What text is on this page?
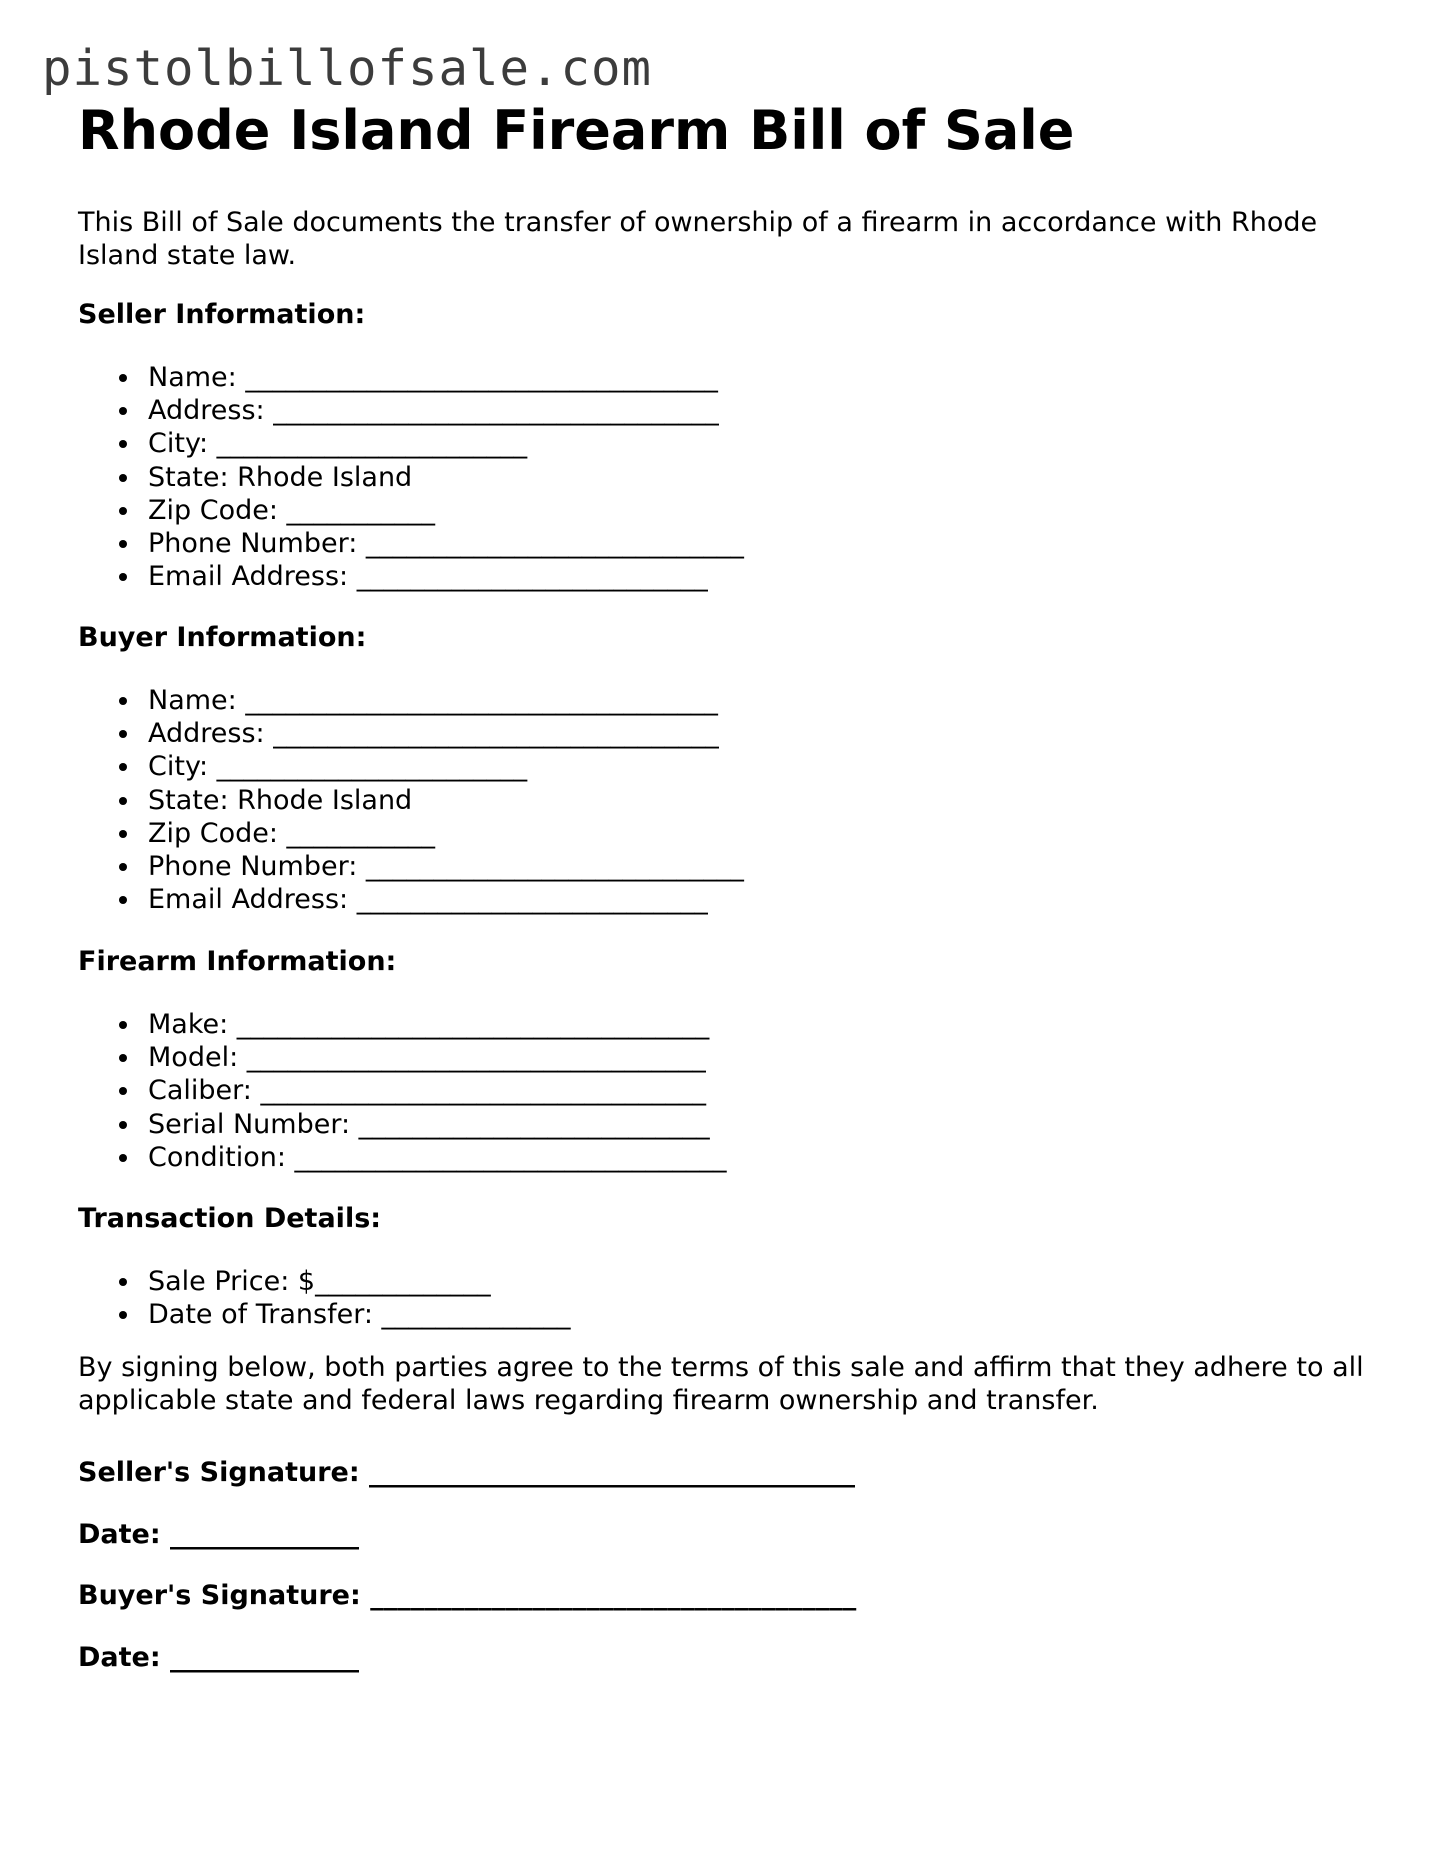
pistolbillofsale.com
Rhode Island Firearm Bill of Sale

This Bill of Sale documents the transfer of ownership of a firearm in accordance with Rhode Island state law.

Seller Information:
Name: ___________________________________
Address: _________________________________
City: _______________________
State: Rhode Island
Zip Code: ___________
Phone Number: ____________________________
Email Address: __________________________
Buyer Information:
Name: ___________________________________
Address: _________________________________
City: _______________________
State: Rhode Island
Zip Code: ___________
Phone Number: ____________________________
Email Address: __________________________
Firearm Information:
Make: ___________________________________
Model: __________________________________
Caliber: _________________________________
Serial Number: __________________________
Condition: ________________________________
Transaction Details:
Sale Price: $_____________
Date of Transfer: ______________

By signing below, both parties agree to the terms of this sale and affirm that they adhere to all applicable state and federal laws regarding firearm ownership and transfer.

Seller's Signature: ____________________________________

Date: ______________

Buyer's Signature: ____________________________________

Date: ______________
